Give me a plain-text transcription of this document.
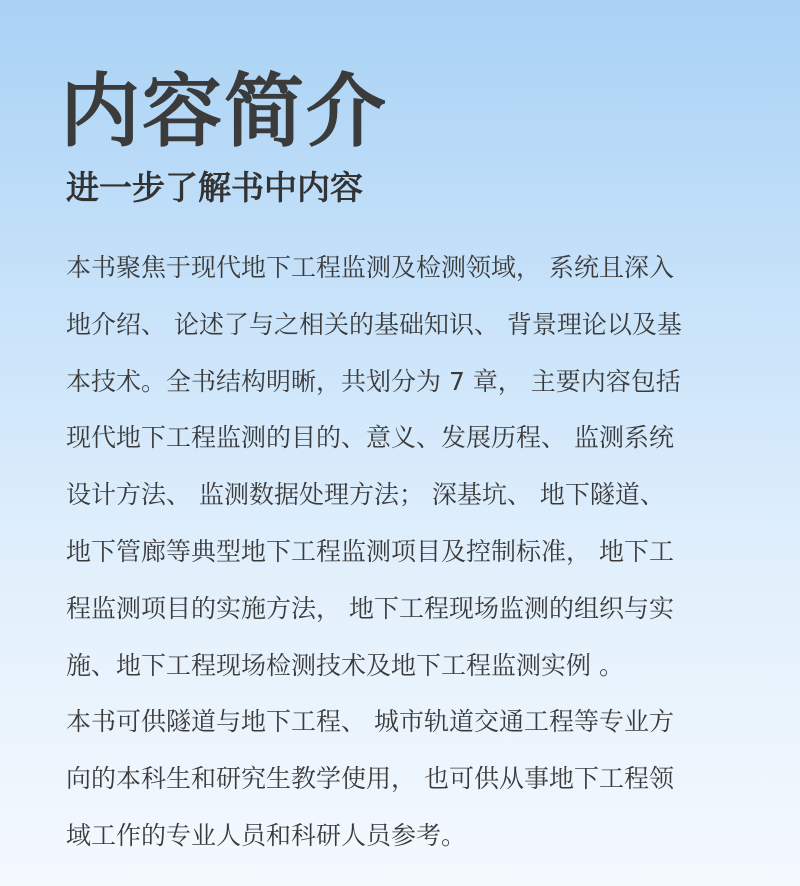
内容简介
进一步了解书中内容
本书聚焦于现代地下工程监测及检测领域， 系统且深入
地介绍、 论述了与之相关的基础知识、 背景理论以及基
本技术。全书结构明晰，共划分为 7 章， 主要内容包括
现代地下工程监测的目的、意义、发展历程、 监测系统
设计方法、 监测数据处理方法； 深基坑、 地下隧道、
地下管廊等典型地下工程监测项目及控制标准， 地下工
程监测项目的实施方法， 地下工程现场监测的组织与实
施、地下工程现场检测技术及地下工程监测实例 。
本书可供隧道与地下工程、 城市轨道交通工程等专业方
向的本科生和研究生教学使用， 也可供从事地下工程领
域工作的专业人员和科研人员参考。
